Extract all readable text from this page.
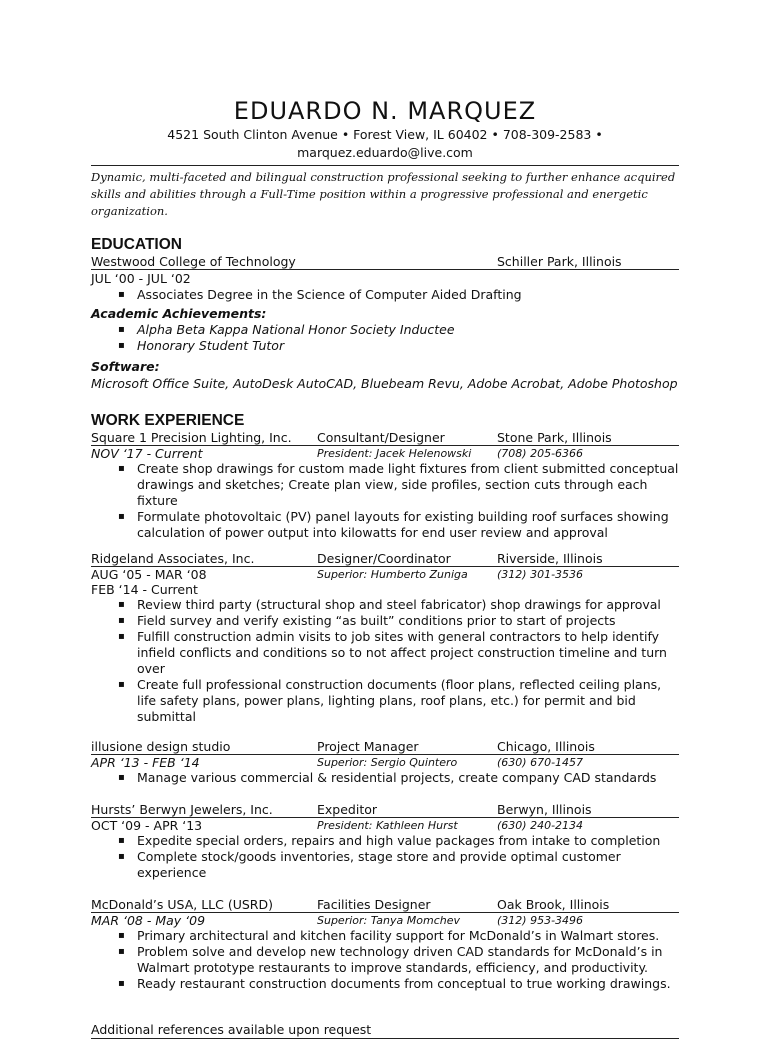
EDUARDO N. MARQUEZ
4521 South Clinton Avenue • Forest View, IL 60402 • 708-309-2583 • marquez.eduardo@live.com
Dynamic, multi-faceted and bilingual construction professional seeking to further enhance acquired skills and abilities through a Full-Time position within a progressive professional and energetic organization.
EDUCATION
Westwood College of Technology	Schiller Park, Illinois
JUL ‘00 - JUL ‘02
▪ Associates Degree in the Science of Computer Aided Drafting
Academic Achievements:
▪ Alpha Beta Kappa National Honor Society Inductee
▪ Honorary Student Tutor
Software:
Microsoft Office Suite, AutoDesk AutoCAD, Bluebeam Revu, Adobe Acrobat, Adobe Photoshop
WORK EXPERIENCE
Square 1 Precision Lighting, Inc.	Consultant/Designer	Stone Park, Illinois
NOV ‘17 - Current	President: Jacek Helenowski	(708) 205-6366
▪ Create shop drawings for custom made light fixtures from client submitted conceptual drawings and sketches; Create plan view, side profiles, section cuts through each fixture
▪ Formulate photovoltaic (PV) panel layouts for existing building roof surfaces showing calculation of power output into kilowatts for end user review and approval
Ridgeland Associates, Inc.	Designer/Coordinator	Riverside, Illinois
AUG ‘05 - MAR ‘08	Superior: Humberto Zuniga	(312) 301-3536
FEB ‘14 - Current
▪ Review third party (structural shop and steel fabricator) shop drawings for approval
▪ Field survey and verify existing “as built” conditions prior to start of projects
▪ Fulfill construction admin visits to job sites with general contractors to help identify infield conflicts and conditions so to not affect project construction timeline and turn over
▪ Create full professional construction documents (floor plans, reflected ceiling plans, life safety plans, power plans, lighting plans, roof plans, etc.) for permit and bid submittal
illusione design studio	Project Manager	Chicago, Illinois
APR ‘13 - FEB ‘14	Superior: Sergio Quintero	(630) 670-1457
▪ Manage various commercial & residential projects, create company CAD standards
Hursts’ Berwyn Jewelers, Inc.	Expeditor	Berwyn, Illinois
OCT ‘09 - APR ‘13	President: Kathleen Hurst	(630) 240-2134
▪ Expedite special orders, repairs and high value packages from intake to completion
▪ Complete stock/goods inventories, stage store and provide optimal customer experience
McDonald’s USA, LLC (USRD)	Facilities Designer	Oak Brook, Illinois
MAR ‘08 - May ‘09	Superior: Tanya Momchev	(312) 953-3496
▪ Primary architectural and kitchen facility support for McDonald’s in Walmart stores.
▪ Problem solve and develop new technology driven CAD standards for McDonald’s in Walmart prototype restaurants to improve standards, efficiency, and productivity.
▪ Ready restaurant construction documents from conceptual to true working drawings.
Additional references available upon request
